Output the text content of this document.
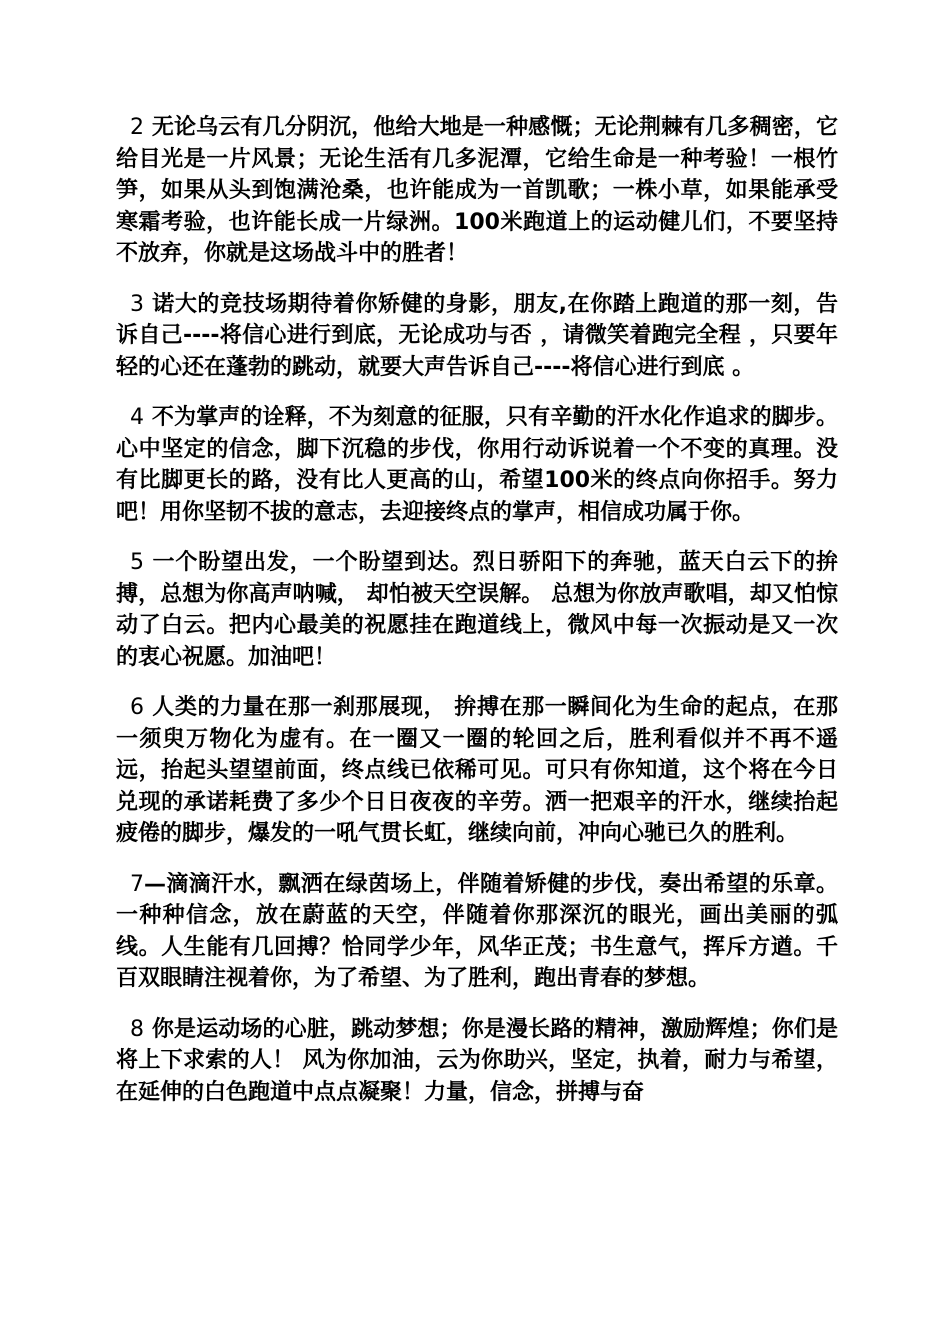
2 无论乌云有几分阴沉，他给大地是一种感慨；无论荆棘有几多稠密，它给目光是一片风景；无论生活有几多泥潭，它给生命是一种考验！一根竹笋，如果从头到饱满沧桑，也许能成为一首凯歌；一株小草，如果能承受寒霜考验，也许能长成一片绿洲。100米跑道上的运动健儿们，不要坚持不放弃，你就是这场战斗中的胜者！

3 诺大的竞技场期待着你矫健的身影，朋友,在你踏上跑道的那一刻，告诉自己----将信心进行到底，无论成功与否 ，请微笑着跑完全程 ，只要年轻的心还在蓬勃的跳动，就要大声告诉自己----将信心进行到底 。

4 不为掌声的诠释，不为刻意的征服，只有辛勤的汗水化作追求的脚步。心中坚定的信念，脚下沉稳的步伐，你用行动诉说着一个不变的真理。没有比脚更长的路，没有比人更高的山，希望100米的终点向你招手。努力吧！用你坚韧不拔的意志，去迎接终点的掌声，相信成功属于你。

5 一个盼望出发，一个盼望到达。烈日骄阳下的奔驰，蓝天白云下的拚搏，总想为你高声呐喊， 却怕被天空误解。 总想为你放声歌唱，却又怕惊动了白云。把内心最美的祝愿挂在跑道线上，微风中每一次振动是又一次的衷心祝愿。加油吧！

6 人类的力量在那一刹那展现， 拚搏在那一瞬间化为生命的起点，在那一须臾万物化为虚有。在一圈又一圈的轮回之后，胜利看似并不再不遥远，抬起头望望前面，终点线已依稀可见。可只有你知道，这个将在今日兑现的承诺耗费了多少个日日夜夜的辛劳。洒一把艰辛的汗水，继续抬起疲倦的脚步，爆发的一吼气贯长虹，继续向前，冲向心驰已久的胜利。

7—滴滴汗水，飘洒在绿茵场上，伴随着矫健的步伐，奏出希望的乐章。一种种信念，放在蔚蓝的天空，伴随着你那深沉的眼光，画出美丽的弧线。人生能有几回搏？恰同学少年，风华正茂；书生意气，挥斥方遒。千百双眼睛注视着你，为了希望、为了胜利，跑出青春的梦想。

8 你是运动场的心脏，跳动梦想；你是漫长路的精神，激励辉煌；你们是将上下求索的人！ 风为你加油，云为你助兴，坚定，执着，耐力与希望，在延伸的白色跑道中点点凝聚！力量，信念，拼搏与奋
